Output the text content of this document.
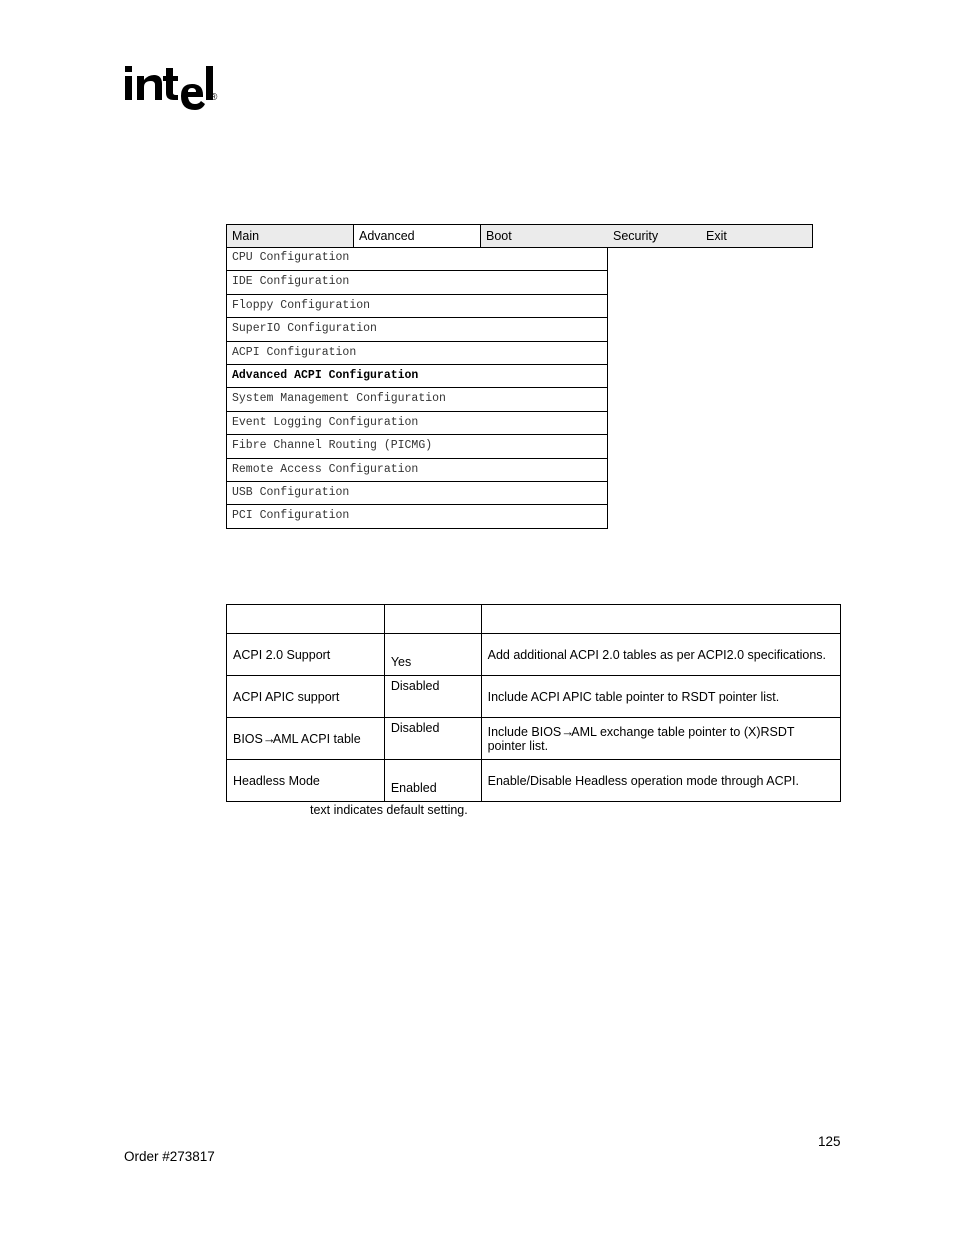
®
Main	Advanced	Boot	Security	Exit
CPU Configuration
IDE Configuration
Floppy Configuration
SuperIO Configuration
ACPI Configuration
Advanced ACPI Configuration
System Management Configuration
Event Logging Configuration
Fibre Channel Routing (PICMG)
Remote Access Configuration
USB Configuration
PCI Configuration

ACPI 2.0 Support	Yes	Add additional ACPI 2.0 tables as per ACPI2.0 specifications.
ACPI APIC support	Disabled	Include ACPI APIC table pointer to RSDT pointer list.
BIOS→AML ACPI table	Disabled	Include BIOS→AML exchange table pointer to (X)RSDT pointer list.
Headless Mode	Enabled	Enable/Disable Headless operation mode through ACPI.
text indicates default setting.
125
Order #273817
